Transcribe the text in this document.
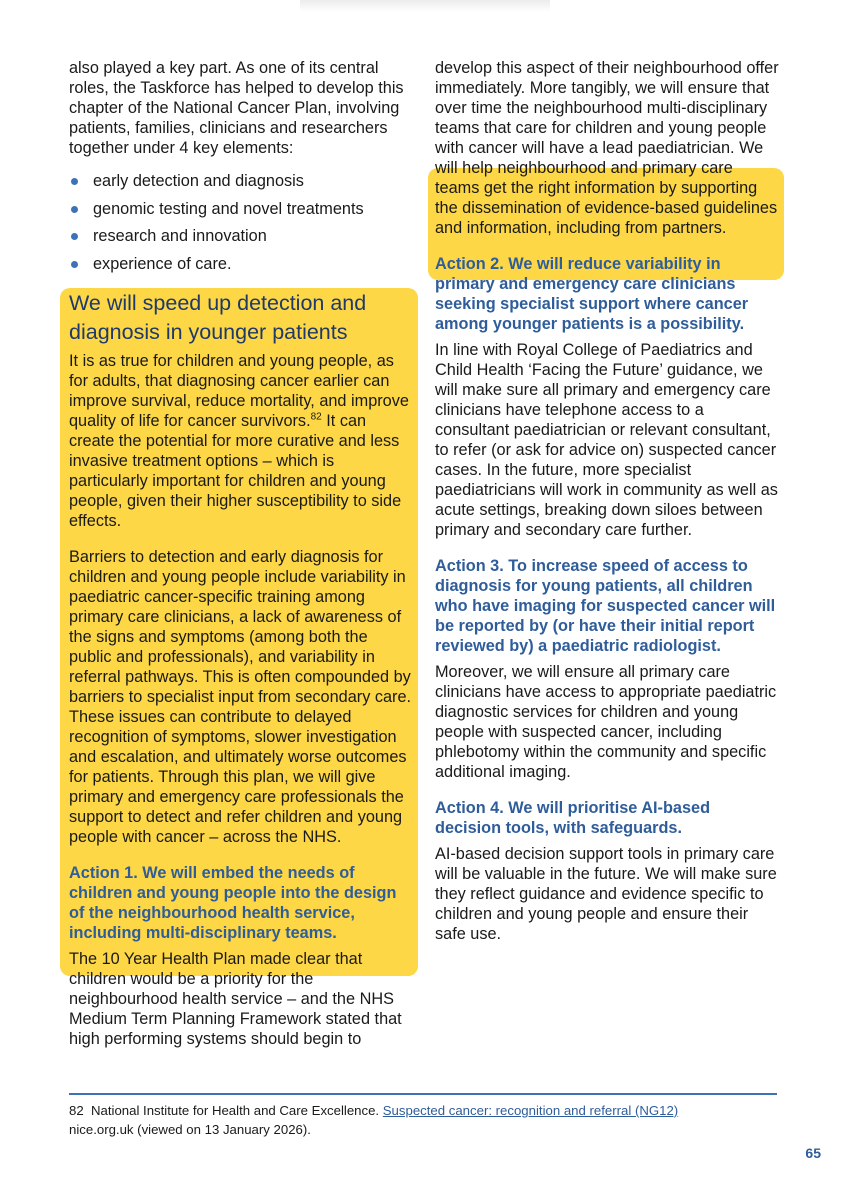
also played a key part. As one of its central roles, the Taskforce has helped to develop this chapter of the National Cancer Plan, involving patients, families, clinicians and researchers together under 4 key elements:

early detection and diagnosis
genomic testing and novel treatments
research and innovation
experience of care.
We will speed up detection and diagnosis in younger patients

It is as true for children and young people, as for adults, that diagnosing cancer earlier can improve survival, reduce mortality, and improve quality of life for cancer survivors.$^{82}$ It can create the potential for more curative and less invasive treatment options – which is particularly important for children and young people, given their higher susceptibility to side effects.

Barriers to detection and early diagnosis for children and young people include variability in paediatric cancer-specific training among primary care clinicians, a lack of awareness of the signs and symptoms (among both the public and professionals), and variability in referral pathways. This is often compounded by barriers to specialist input from secondary care. These issues can contribute to delayed recognition of symptoms, slower investigation and escalation, and ultimately worse outcomes for patients. Through this plan, we will give primary and emergency care professionals the support to detect and refer children and young people with cancer – across the NHS.

Action 1. We will embed the needs of children and young people into the design of the neighbourhood health service, including multi-disciplinary teams.

The 10 Year Health Plan made clear that children would be a priority for the neighbourhood health service – and the NHS Medium Term Planning Framework stated that high performing systems should begin to

develop this aspect of their neighbourhood offer immediately. More tangibly, we will ensure that over time the neighbourhood multi-disciplinary teams that care for children and young people with cancer will have a lead paediatrician. We will help neighbourhood and primary care teams get the right information by supporting the dissemination of evidence-based guidelines and information, including from partners.

Action 2. We will reduce variability in primary and emergency care clinicians seeking specialist support where cancer among younger patients is a possibility.

In line with Royal College of Paediatrics and Child Health ‘Facing the Future’ guidance, we will make sure all primary and emergency care clinicians have telephone access to a consultant paediatrician or relevant consultant, to refer (or ask for advice on) suspected cancer cases. In the future, more specialist paediatricians will work in community as well as acute settings, breaking down siloes between primary and secondary care further.

Action 3. To increase speed of access to diagnosis for young patients, all children who have imaging for suspected cancer will be reported by (or have their initial report reviewed by) a paediatric radiologist.

Moreover, we will ensure all primary care clinicians have access to appropriate paediatric diagnostic services for children and young people with suspected cancer, including phlebotomy within the community and specific additional imaging.

Action 4. We will prioritise AI-based decision tools, with safeguards.

AI-based decision support tools in primary care will be valuable in the future. We will make sure they reflect guidance and evidence specific to children and young people and ensure their safe use.

82 National Institute for Health and Care Excellence. Suspected cancer: recognition and referral (NG12)
nice.org.uk (viewed on 13 January 2026).
65
